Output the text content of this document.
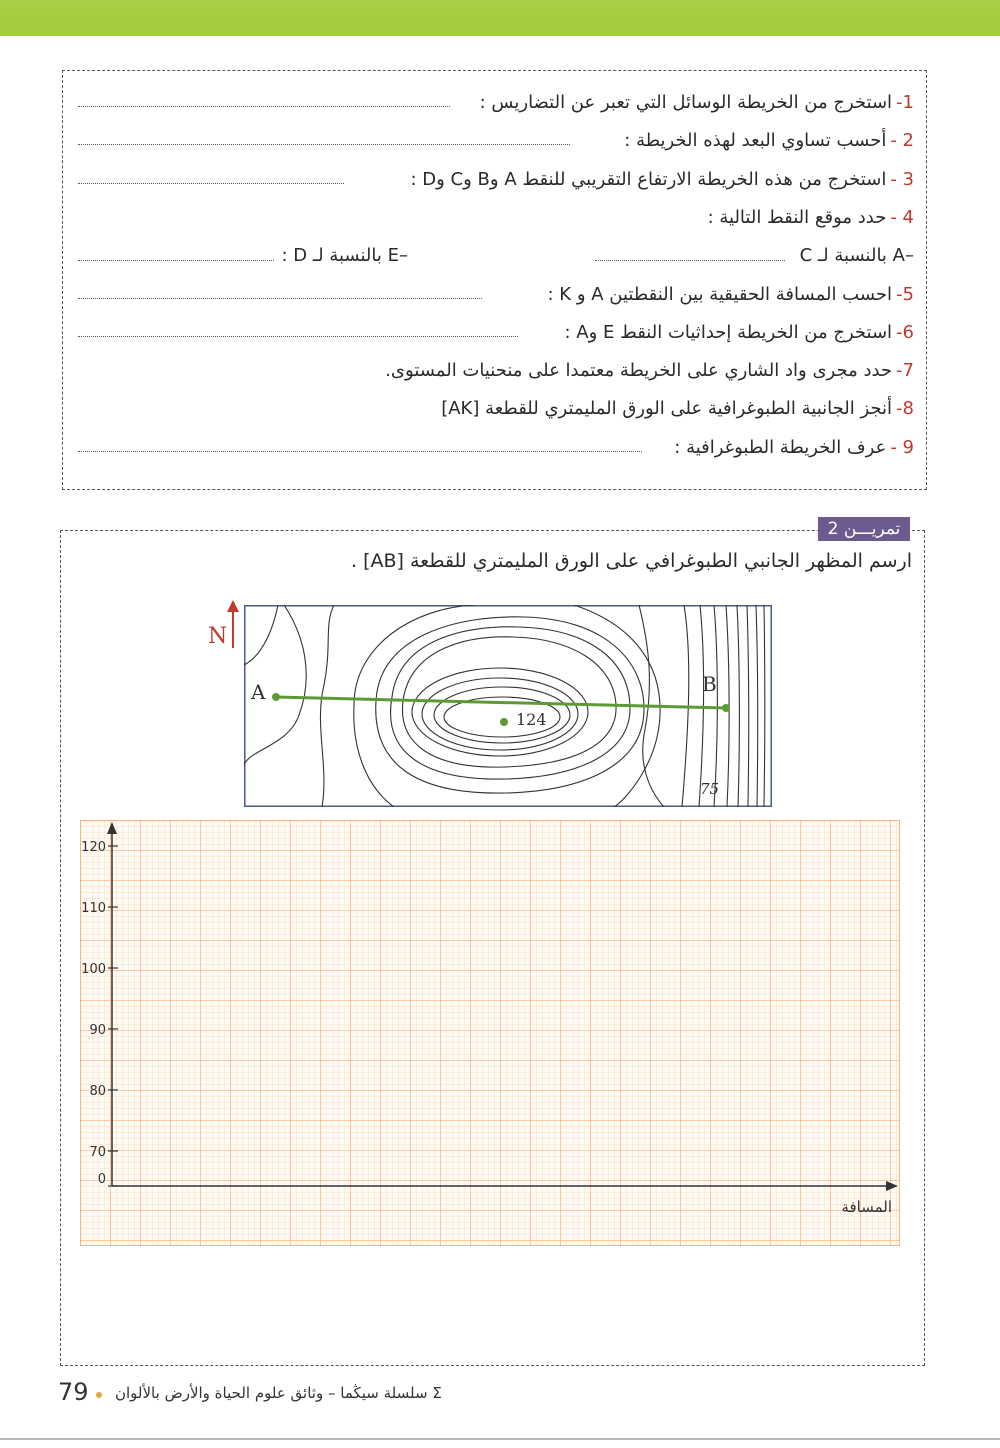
1-
استخرج من الخريطة الوسائل التي تعبر عن التضاريس :
2 -
أحسب تساوي البعد لهذه الخريطة :
3 -
استخرج من هذه الخريطة الارتفاع التقريبي للنقط A وB وC وD :
4 -
حدد موقع النقط التالية :
–A بالنسبة لـ C
–E بالنسبة لـ D :
5-
احسب المسافة الحقيقية بين النقطتين A و K :
6-
استخرج من الخريطة إحداثيات النقط E وA :
7-
حدد مجرى واد الشاري على الخريطة معتمدا على منحنيات المستوى.
8-
أنجز الجانبية الطبوغرافية على الورق المليمتري للقطعة [AK]
9 -
عرف الخريطة الطبوغرافية :
تمريـــن 2
ارسم المظهر الجانبي الطبوغرافي على الورق المليمتري للقطعة [AB] .
N
A	B
124
75
0
70
80
90
100
110
120
المسافة
79 Σ سلسلة سيڭما – وثائق علوم الحياة والأرض بالألوان
